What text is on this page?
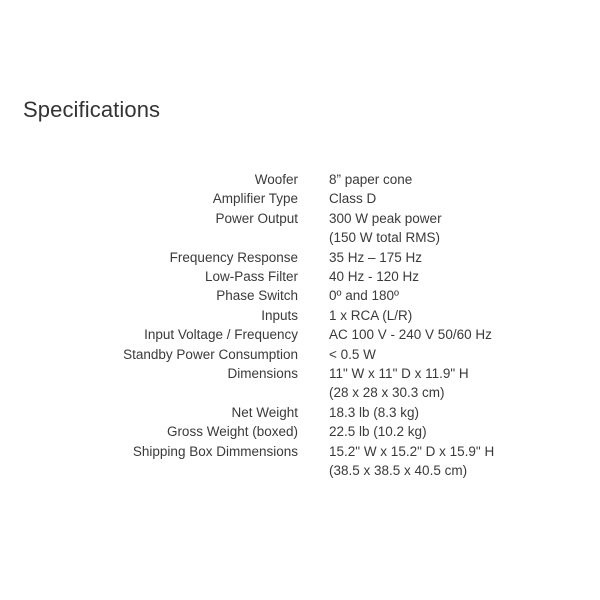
Specifications
Woofer 8” paper cone
Amplifier Type Class D
Power Output 300 W peak power
(150 W total RMS)
Frequency Response 35 Hz – 175 Hz
Low-Pass Filter 40 Hz - 120 Hz
Phase Switch 0º and 180º
Inputs 1 x RCA (L/R)
Input Voltage / Frequency AC 100 V - 240 V 50/60 Hz
Standby Power Consumption < 0.5 W
Dimensions 11" W x 11" D x 11.9" H
(28 x 28 x 30.3 cm)
Net Weight 18.3 lb (8.3 kg)
Gross Weight (boxed) 22.5 lb (10.2 kg)
Shipping Box Dimmensions 15.2" W x 15.2" D x 15.9" H
(38.5 x 38.5 x 40.5 cm)
